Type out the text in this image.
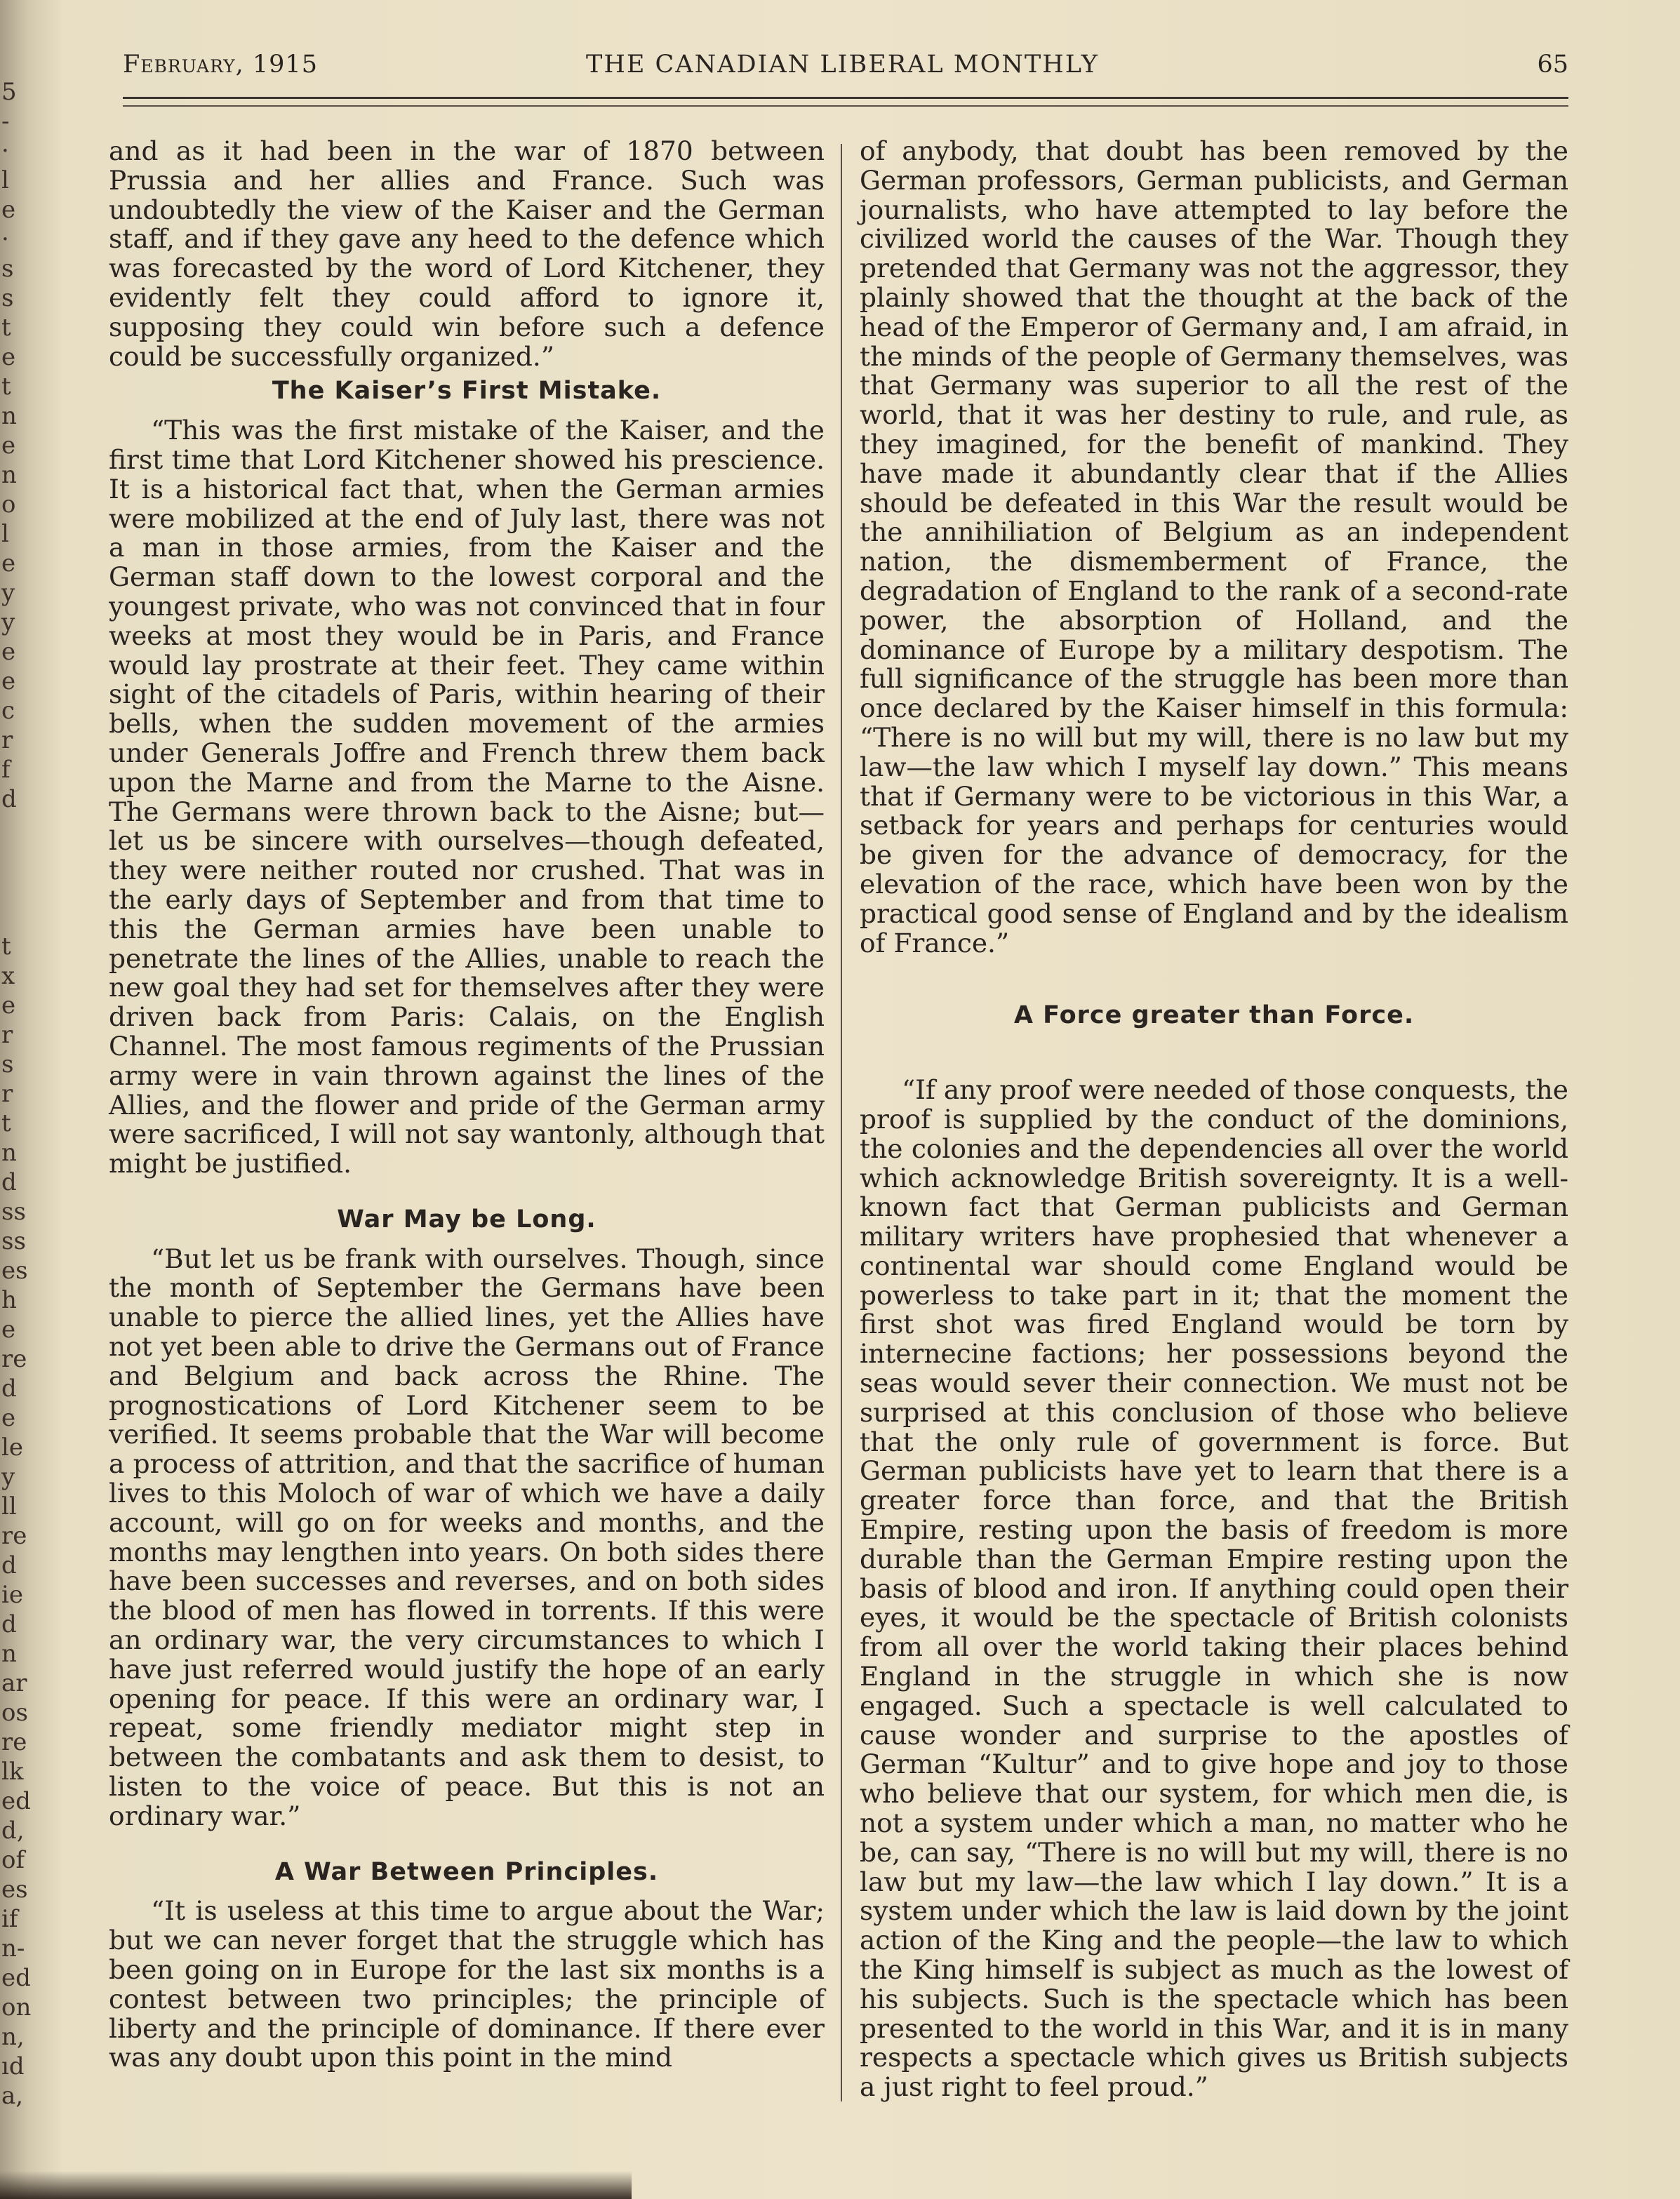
5
-
·
l
e
·
s
s
t
e
t
n
e
n
o
l
e
y
y
e
e
c
r
f
d

t
x
e
r
s
r
t
n
d
ss
ss
es
h
e
re
d
e
le
y
ll
re
d
ie
d
n
ar
os
re
lk
ed
d,
of
es
if
n-
ed
on
n,
ıd
a,
February, 1915	THE CANADIAN LIBERAL MONTHLY	65

and as it had been in the war of 1870 between Prussia and her allies and France. Such was undoubtedly the view of the Kaiser and the German staff, and if they gave any heed to the defence which was forecasted by the word of Lord Kitchener, they evidently felt they could afford to ignore it, supposing they could win before such a defence could be successfully organized.”

The Kaiser’s First Mistake.

“This was the first mistake of the Kaiser, and the first time that Lord Kitchener showed his prescience. It is a historical fact that, when the German armies were mobilized at the end of July last, there was not a man in those armies, from the Kaiser and the German staff down to the lowest corporal and the youngest private, who was not convinced that in four weeks at most they would be in Paris, and France would lay prostrate at their feet. They came within sight of the citadels of Paris, within hearing of their bells, when the sudden movement of the armies under Generals Joffre and French threw them back upon the Marne and from the Marne to the Aisne. The Germans were thrown back to the Aisne; but—let us be sincere with ourselves—though defeated, they were neither routed nor crushed. That was in the early days of September and from that time to this the German armies have been unable to penetrate the lines of the Allies, unable to reach the new goal they had set for themselves after they were driven back from Paris: Calais, on the English Channel. The most famous regiments of the Prussian army were in vain thrown against the lines of the Allies, and the flower and pride of the German army were sacrificed, I will not say wantonly, although that might be justified.

War May be Long.

“But let us be frank with ourselves. Though, since the month of September the Germans have been unable to pierce the allied lines, yet the Allies have not yet been able to drive the Germans out of France and Belgium and back across the Rhine. The prognostications of Lord Kitchener seem to be verified. It seems probable that the War will become a process of attrition, and that the sacrifice of human lives to this Moloch of war of which we have a daily account, will go on for weeks and months, and the months may lengthen into years. On both sides there have been successes and reverses, and on both sides the blood of men has flowed in torrents. If this were an ordinary war, the very circumstances to which I have just referred would justify the hope of an early opening for peace. If this were an ordinary war, I repeat, some friendly mediator might step in between the combatants and ask them to desist, to listen to the voice of peace. But this is not an ordinary war.”

A War Between Principles.

“It is useless at this time to argue about the War; but we can never forget that the struggle which has been going on in Europe for the last six months is a contest between two principles; the principle of liberty and the principle of dominance. If there ever was any doubt upon this point in the mind

of anybody, that doubt has been removed by the German professors, German publicists, and German journalists, who have attempted to lay before the civilized world the causes of the War. Though they pretended that Germany was not the aggressor, they plainly showed that the thought at the back of the head of the Emperor of Germany and, I am afraid, in the minds of the people of Germany themselves, was that Germany was superior to all the rest of the world, that it was her destiny to rule, and rule, as they imagined, for the benefit of mankind. They have made it abundantly clear that if the Allies should be defeated in this War the result would be the annihiliation of Belgium as an independent nation, the dismemberment of France, the degradation of England to the rank of a second-rate power, the absorption of Holland, and the dominance of Europe by a military despotism. The full significance of the struggle has been more than once declared by the Kaiser himself in this formula: “There is no will but my will, there is no law but my law—the law which I myself lay down.” This means that if Germany were to be victorious in this War, a setback for years and perhaps for centuries would be given for the advance of democracy, for the elevation of the race, which have been won by the practical good sense of England and by the idealism of France.”

A Force greater than Force.

“If any proof were needed of those conquests, the proof is supplied by the conduct of the dominions, the colonies and the dependencies all over the world which acknowledge British sovereignty. It is a well-known fact that German publicists and German military writers have prophesied that whenever a continental war should come England would be powerless to take part in it; that the moment the first shot was fired England would be torn by internecine factions; her possessions beyond the seas would sever their connection. We must not be surprised at this conclusion of those who believe that the only rule of government is force. But German publicists have yet to learn that there is a greater force than force, and that the British Empire, resting upon the basis of freedom is more durable than the German Empire resting upon the basis of blood and iron. If anything could open their eyes, it would be the spectacle of British colonists from all over the world taking their places behind England in the struggle in which she is now engaged. Such a spectacle is well calculated to cause wonder and surprise to the apostles of German “Kultur” and to give hope and joy to those who believe that our system, for which men die, is not a system under which a man, no matter who he be, can say, “There is no will but my will, there is no law but my law—the law which I lay down.” It is a system under which the law is laid down by the joint action of the King and the people—the law to which the King himself is subject as much as the lowest of his subjects. Such is the spectacle which has been presented to the world in this War, and it is in many respects a spectacle which gives us British subjects a just right to feel proud.”
